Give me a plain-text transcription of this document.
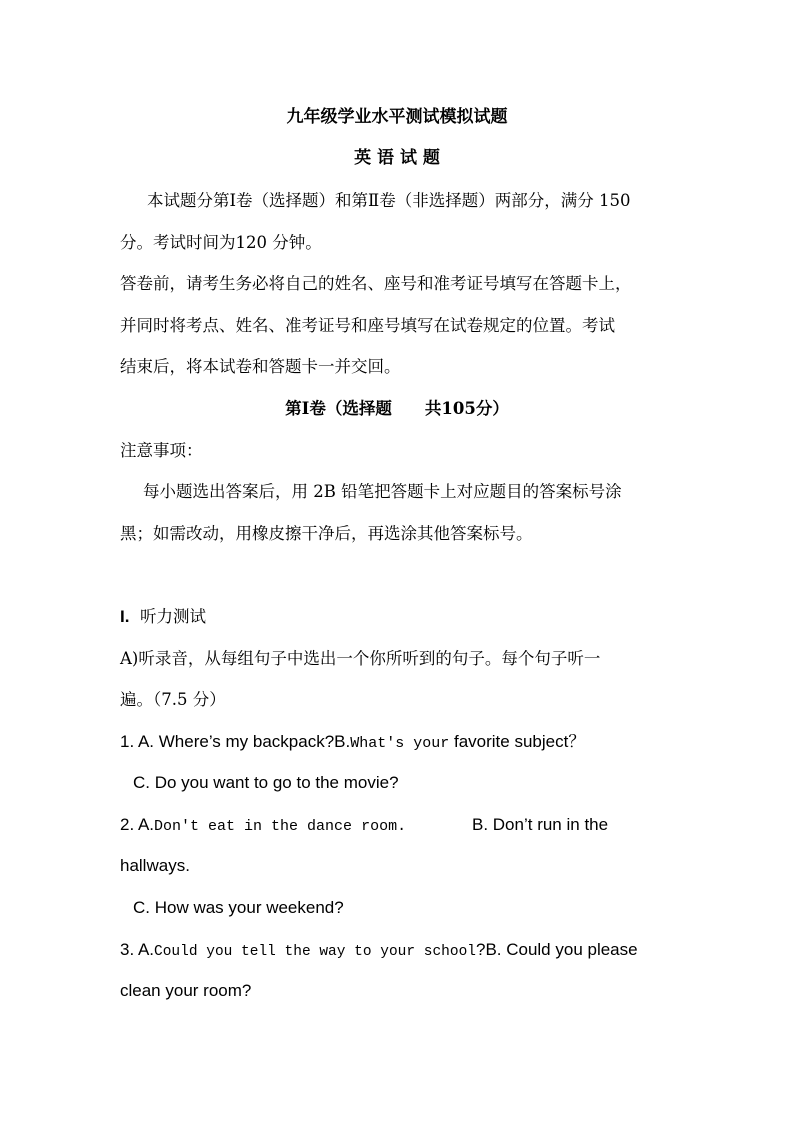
九年级学业水平测试模拟试题
英 语 试 题
本试题分第Ⅰ卷（选择题）和第Ⅱ卷（非选择题）两部分，满分 150
分。考试时间为120 分钟。
答卷前，请考生务必将自己的姓名、座号和准考证号填写在答题卡上，
并同时将考点、姓名、准考证号和座号填写在试卷规定的位置。考试
结束后，将本试卷和答题卡一并交回。
第Ⅰ卷（选择题　　共105分）
注意事项：
每小题选出答案后，用 2B 铅笔把答题卡上对应题目的答案标号涂
黑；如需改动，用橡皮擦干净后，再选涂其他答案标号。
I. 听力测试
A)听录音，从每组句子中选出一个你所听到的句子。每个句子听一
遍。（7.5 分）
1. A. Where’s my backpack?B.What's your favorite subject？
C. Do you want to go to the movie?
2. A.Don't eat in the dance room.	B. Don’t run in the
hallways.
C. How was your weekend?
3. A.Could you tell the way to your school?B. Could you please
clean your room?
